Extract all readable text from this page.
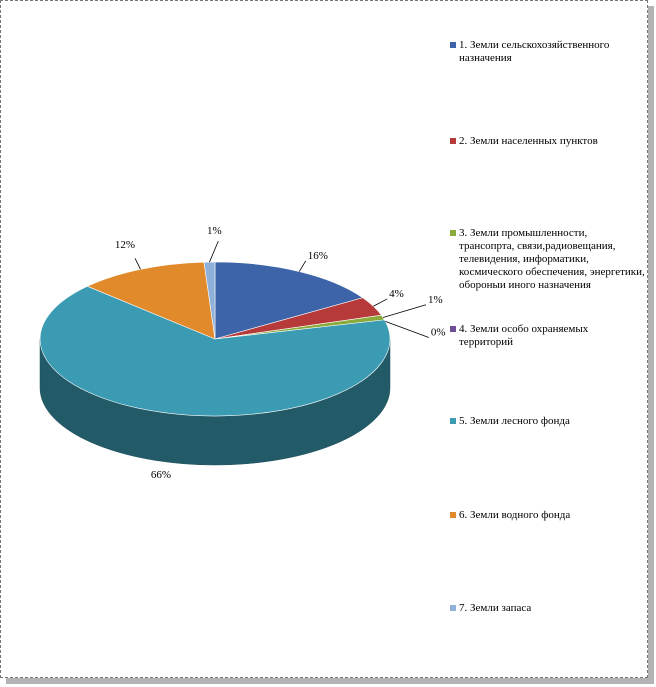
16%
4% 1%
0%
66%
12%
1%
1. Земли сельскохозяйственного назначения
2. Земли населенных пунктов
3. Земли промышленности, трансопрта, связи,радиовещания, телевидения, информатики, космического обеспечения, энергетики, обороныи иного назначения
4. Земли особо охраняемых территорий
5. Земли лесного фонда
6. Земли водного фонда
7. Земли запаса
